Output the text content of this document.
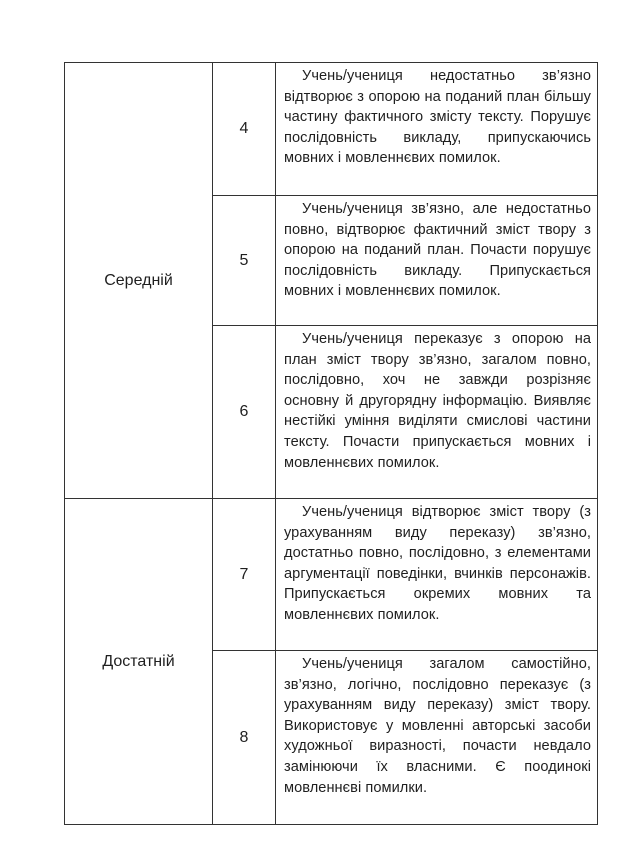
Середній	4	Учень/учениця недостатньо зв’язно відтворює з опорою на поданий план більшу частину фактичного змісту тексту. Порушує послідовність викладу, припускаючись мовних і мовленнєвих помилок.
	5	Учень/учениця зв’язно, але недостатньо повно, відтворює фактичний зміст твору з опорою на поданий план. Почасти порушує послідовність викладу. Припускається мовних і мовленнєвих помилок.
	6	Учень/учениця переказує з опорою на план зміст твору зв’язно, загалом повно, послідовно, хоч не завжди розрізняє основну й другорядну інформацію. Виявляє нестійкі уміння виділяти смислові частини тексту. Почасти припускається мовних і мовленнєвих помилок.
Достатній	7	Учень/учениця відтворює зміст твору (з урахуванням виду переказу) зв’язно, достатньо повно, послідовно, з елементами аргументації поведінки, вчинків персонажів. Припускається окремих мовних та мовленнєвих помилок.
	8	Учень/учениця загалом самостійно, зв’язно, логічно, послідовно переказує (з урахуванням виду переказу) зміст твору. Використовує у мовленні авторські засоби художньої виразності, почасти невдало замінюючи їх власними. Є поодинокі мовленнєві помилки.
